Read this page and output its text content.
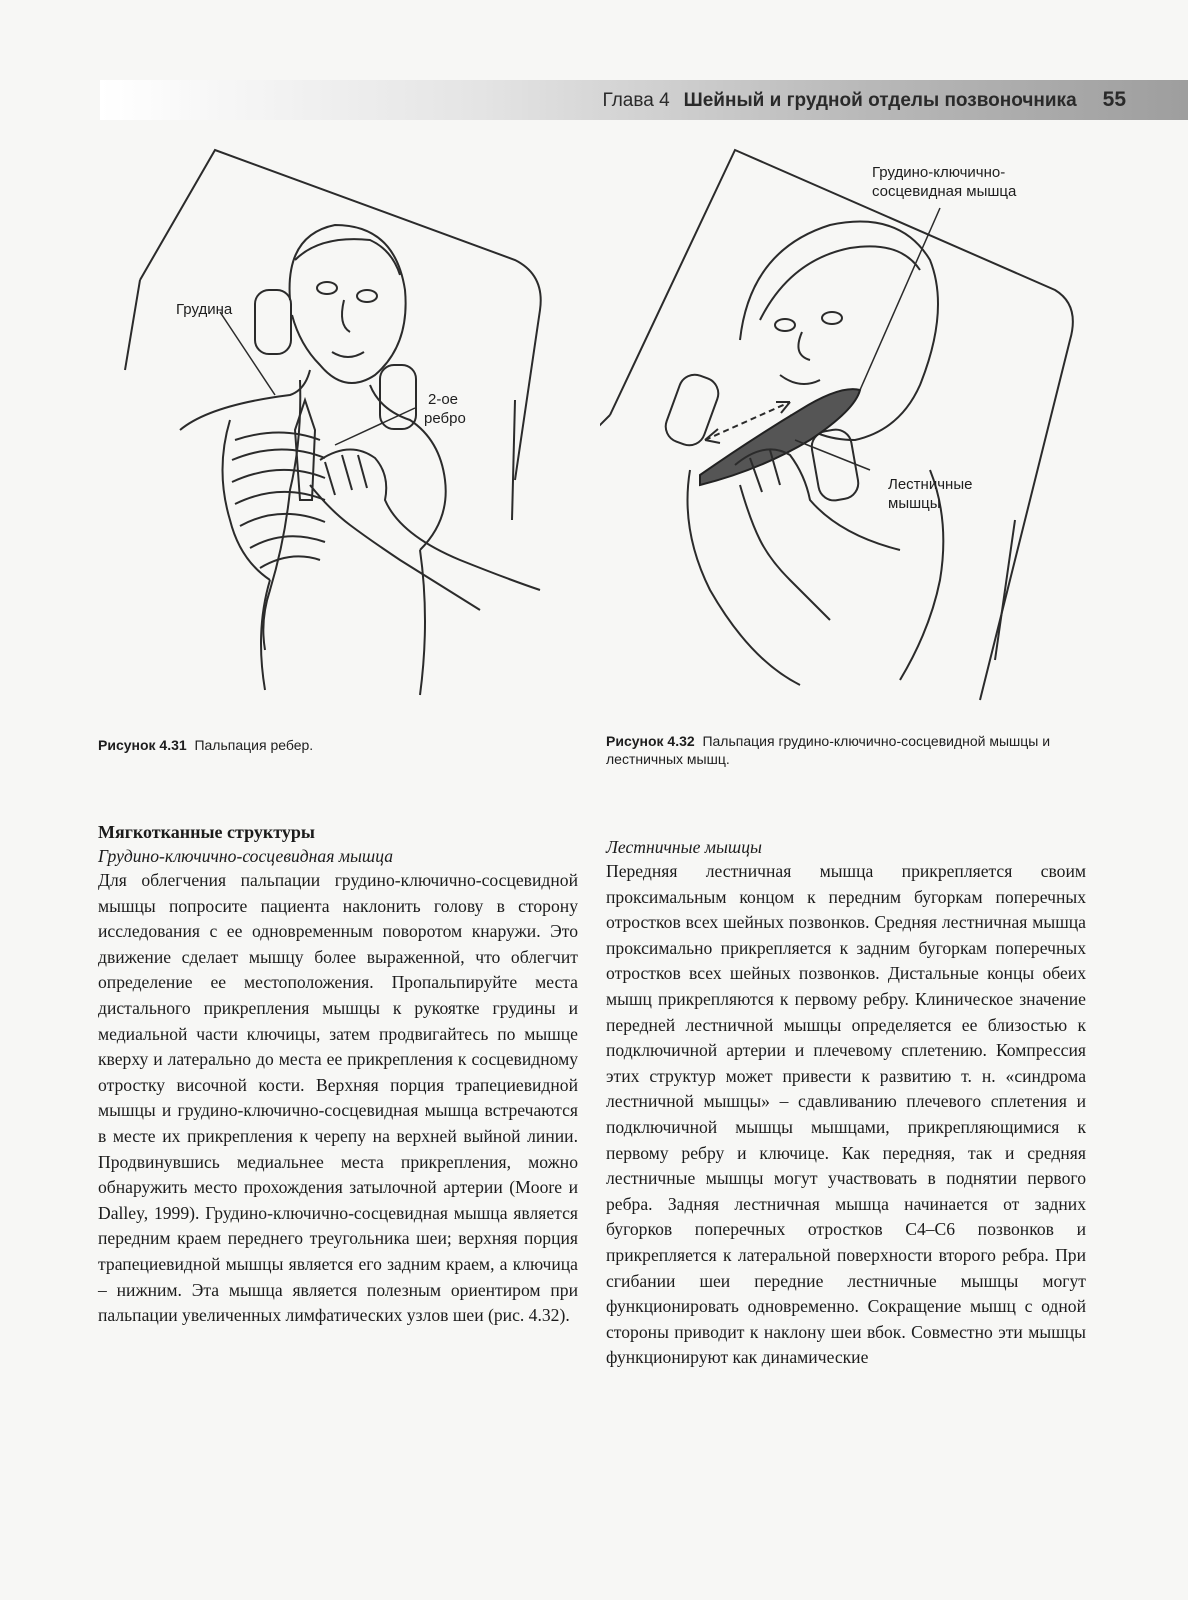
Глава 4 Шейный и грудной отделы позвоночника 55
Грудина
2-ое
ребро
Рисунок 4.31 Пальпация ребер.
Грудино-ключично-
сосцевидная мышца
Лестничные
мышцы
Рисунок 4.32 Пальпация грудино-ключично-сосцевидной мышцы и лестничных мышц.

Мягкотканные структуры

Грудино-ключично-сосцевидная мышца

Для облегчения пальпации грудино-ключично-сосцевидной мышцы попросите пациента наклонить голову в сторону исследования с ее одновременным поворотом кнаружи. Это движение сделает мышцу более выраженной, что облегчит определение ее местоположения. Пропальпируйте места дистального прикрепления мышцы к рукоятке грудины и медиальной части ключицы, затем продвигайтесь по мышце кверху и латерально до места ее прикрепления к сосцевидному отростку височной кости. Верхняя порция трапециевидной мышцы и грудино-ключично-сосцевидная мышца встречаются в месте их прикрепления к черепу на верхней выйной линии. Продвинувшись медиальнее места прикрепления, можно обнаружить место прохождения затылочной артерии (Moore и Dalley, 1999). Грудино-ключично-сосцевидная мышца является передним краем переднего треугольника шеи; верхняя порция трапециевидной мышцы является его задним краем, а ключица – нижним. Эта мышца является полезным ориентиром при пальпации увеличенных лимфатических узлов шеи (рис. 4.32).

Лестничные мышцы

Передняя лестничная мышца прикрепляется своим проксимальным концом к передним бугоркам поперечных отростков всех шейных позвонков. Средняя лестничная мышца проксимально прикрепляется к задним бугоркам поперечных отростков всех шейных позвонков. Дистальные концы обеих мышц прикрепляются к первому ребру. Клиническое значение передней лестничной мышцы определяется ее близостью к подключичной артерии и плечевому сплетению. Компрессия этих структур может привести к развитию т. н. «синдрома лестничной мышцы» – сдавливанию плечевого сплетения и подключичной мышцы мышцами, прикрепляющимися к первому ребру и ключице. Как передняя, так и средняя лестничные мышцы могут участвовать в поднятии первого ребра. Задняя лестничная мышца начинается от задних бугорков поперечных отростков C4–C6 позвонков и прикрепляется к латеральной поверхности второго ребра. При сгибании шеи передние лестничные мышцы могут функционировать одновременно. Сокращение мышц с одной стороны приводит к наклону шеи вбок. Совместно эти мышцы функционируют как динамические
